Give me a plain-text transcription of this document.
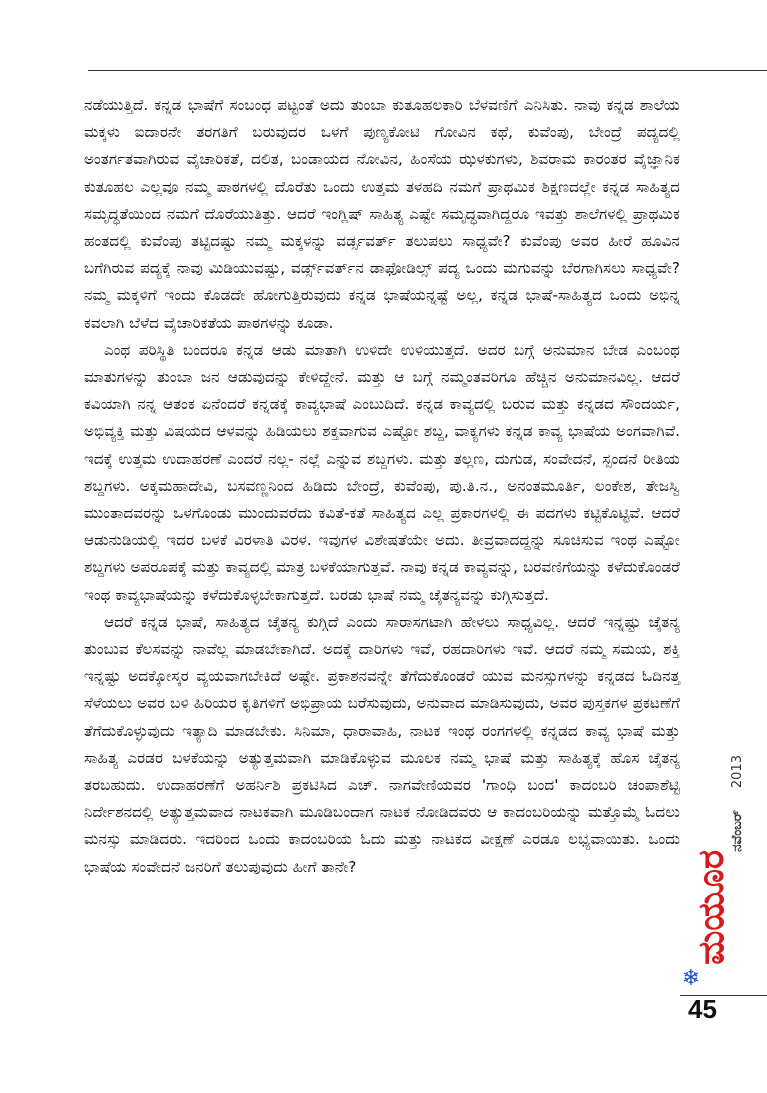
ನಡೆಯುತ್ತಿದೆ. ಕನ್ನಡ ಭಾಷೆಗೆ ಸಂಬಂಧ ಪಟ್ಟಂತೆ ಅದು ತುಂಬಾ ಕುತೂಹಲಕಾರಿ ಬೆಳವಣಿಗೆ ಎನಿಸಿತು. ನಾವು ಕನ್ನಡ ಶಾಲೆಯ ಮಕ್ಕಳು ಐದಾರನೇ ತರಗತಿಗೆ ಬರುವುದರ ಒಳಗೆ ಪುಣ್ಯಕೋಟಿ ಗೋವಿನ ಕಥೆ, ಕುವೆಂಪು, ಬೇಂದ್ರೆ ಪದ್ಯದಲ್ಲಿ ಅಂತರ್ಗತವಾಗಿರುವ ವೈಚಾರಿಕತೆ, ದಲಿತ, ಬಂಡಾಯದ ನೋವಿನ, ಹಿಂಸೆಯ ಝಳಕುಗಳು, ಶಿವರಾಮ ಕಾರಂತರ ವೈಜ್ಞಾನಿಕ ಕುತೂಹಲ ಎಲ್ಲವೂ ನಮ್ಮ ಪಾಠಗಳಲ್ಲಿ ದೊರೆತು ಒಂದು ಉತ್ತಮ ತಳಹದಿ ನಮಗೆ ಪ್ರಾಥಮಿಕ ಶಿಕ್ಷಣದಲ್ಲೇ ಕನ್ನಡ ಸಾಹಿತ್ಯದ ಸಮೃದ್ಧತೆಯಿಂದ ನಮಗೆ ದೊರೆಯುತಿತ್ತು. ಆದರೆ ಇಂಗ್ಲಿಷ್ ಸಾಹಿತ್ಯ ಎಷ್ಟೇ ಸಮೃದ್ಧವಾಗಿದ್ದರೂ ಇವತ್ತು ಶಾಲೆಗಳಲ್ಲಿ ಪ್ರಾಥಮಿಕ ಹಂತದಲ್ಲಿ ಕುವೆಂಪು ತಟ್ಟಿದಷ್ಟು ನಮ್ಮ ಮಕ್ಕಳನ್ನು ವರ್ಡ್ಸವರ್ತ್ ತಲುಪಲು ಸಾಧ್ಯವೇ? ಕುವೆಂಪು ಅವರ ಹೀರೆ ಹೂವಿನ ಬಗೆಗಿರುವ ಪದ್ಯಕ್ಕೆ ನಾವು ಮಿಡಿಯುವಷ್ಟು, ವರ್ಡ್ಸ್‌ವರ್ತ್‌ನ ಡಾಫೋಡಿಲ್ಸ್ ಪದ್ಯ ಒಂದು ಮಗುವನ್ನು ಬೆರಗಾಗಿಸಲು ಸಾಧ್ಯವೇ? ನಮ್ಮ ಮಕ್ಕಳಿಗೆ ಇಂದು ಕೊಡದೇ ಹೋಗುತ್ತಿರುವುದು ಕನ್ನಡ ಭಾಷೆಯನ್ನಷ್ಟೆ ಅಲ್ಲ, ಕನ್ನಡ ಭಾಷೆ-ಸಾಹಿತ್ಯದ ಒಂದು ಅಭಿನ್ನ ಕವಲಾಗಿ ಬೆಳೆದ ವೈಚಾರಿಕತೆಯ ಪಾಠಗಳನ್ನು ಕೂಡಾ.

ಎಂಥ ಪರಿಸ್ಥಿತಿ ಬಂದರೂ ಕನ್ನಡ ಆಡು ಮಾತಾಗಿ ಉಳಿದೇ ಉಳಿಯುತ್ತದೆ. ಅದರ ಬಗ್ಗೆ ಅನುಮಾನ ಬೇಡ ಎಂಬಂಥ ಮಾತುಗಳನ್ನು ತುಂಬಾ ಜನ ಆಡುವುದನ್ನು ಕೇಳಿದ್ದೇನೆ. ಮತ್ತು ಆ ಬಗ್ಗೆ ನಮ್ಮಂತವರಿಗೂ ಹೆಚ್ಚಿನ ಅನುಮಾನವಿಲ್ಲ. ಆದರೆ ಕವಿಯಾಗಿ ನನ್ನ ಆತಂಕ ಏನೆಂದರೆ ಕನ್ನಡಕ್ಕೆ ಕಾವ್ಯಭಾಷೆ ಎಂಬುದಿದೆ. ಕನ್ನಡ ಕಾವ್ಯದಲ್ಲಿ ಬರುವ ಮತ್ತು ಕನ್ನಡದ ಸೌಂದರ್ಯ, ಅಭಿವ್ಯಕ್ತಿ ಮತ್ತು ವಿಷಯದ ಆಳವನ್ನು ಹಿಡಿಯಲು ಶಕ್ತವಾಗುವ ಎಷ್ಟೋ ಶಬ್ದ, ವಾಕ್ಯಗಳು ಕನ್ನಡ ಕಾವ್ಯ ಭಾಷೆಯ ಅಂಗವಾಗಿವೆ. ಇದಕ್ಕೆ ಉತ್ತಮ ಉದಾಹರಣೆ ಎಂದರೆ ನಲ್ಲ- ನಲ್ಲೆ ಎನ್ನುವ ಶಬ್ದಗಳು. ಮತ್ತು ತಲ್ಲಣ, ದುಗುಡ, ಸಂವೇದನೆ, ಸ್ಪಂದನೆ ರೀತಿಯ ಶಬ್ದಗಳು. ಅಕ್ಕಮಹಾದೇವಿ, ಬಸವಣ್ಣನಿಂದ ಹಿಡಿದು ಬೇಂದ್ರೆ, ಕುವೆಂಪು, ಪು.ತಿ.ನ., ಅನಂತಮೂರ್ತಿ, ಲಂಕೇಶ, ತೇಜಸ್ವಿ ಮುಂತಾದವರನ್ನು ಒಳಗೊಂಡು ಮುಂದುವರೆದು ಕವಿತೆ-ಕತೆ ಸಾಹಿತ್ಯದ ಎಲ್ಲ ಪ್ರಕಾರಗಳಲ್ಲಿ ಈ ಪದಗಳು ಕಟ್ಟಿಕೊಟ್ಟಿವೆ. ಆದರೆ ಆಡುನುಡಿಯಲ್ಲಿ ಇದರ ಬಳಕೆ ವಿರಳಾತಿ ವಿರಳ. ಇವುಗಳ ವಿಶೇಷತೆಯೇ ಅದು. ತೀವ್ರವಾದದ್ದನ್ನು ಸೂಚಿಸುವ ಇಂಥ ಎಷ್ಟೋ ಶಬ್ದಗಳು ಅಪರೂಪಕ್ಕೆ ಮತ್ತು ಕಾವ್ಯದಲ್ಲಿ ಮಾತ್ರ ಬಳಕೆಯಾಗುತ್ತವೆ. ನಾವು ಕನ್ನಡ ಕಾವ್ಯವನ್ನು, ಬರವಣಿಗೆಯನ್ನು ಕಳೆದುಕೊಂಡರೆ ಇಂಥ ಕಾವ್ಯಭಾಷೆಯನ್ನು ಕಳೆದುಕೊಳ್ಳಬೇಕಾಗುತ್ತದೆ. ಬರಡು ಭಾಷೆ ನಮ್ಮ ಚೈತನ್ಯವನ್ನು ಕುಗ್ಗಿಸುತ್ತದೆ.

ಆದರೆ ಕನ್ನಡ ಭಾಷೆ, ಸಾಹಿತ್ಯದ ಚೈತನ್ಯ ಕುಗ್ಗಿದೆ ಎಂದು ಸಾರಾಸಗಟಾಗಿ ಹೇಳಲು ಸಾಧ್ಯವಿಲ್ಲ. ಆದರೆ ಇನ್ನಷ್ಟು ಚೈತನ್ಯ ತುಂಬುವ ಕೆಲಸವನ್ನು ನಾವೆಲ್ಲ ಮಾಡಬೇಕಾಗಿದೆ. ಅದಕ್ಕೆ ದಾರಿಗಳು ಇವೆ, ರಹದಾರಿಗಳು ಇವೆ. ಆದರೆ ನಮ್ಮ ಸಮಯ, ಶಕ್ತಿ ಇನ್ನಷ್ಟು ಅದಕ್ಕೋಸ್ಕರ ವ್ಯಯವಾಗಬೇಕಿದೆ ಅಷ್ಟೇ. ಪ್ರಕಾಶನವನ್ನೇ ತೆಗೆದುಕೊಂಡರೆ ಯುವ ಮನಸ್ಸುಗಳನ್ನು ಕನ್ನಡದ ಓದಿನತ್ತ ಸೆಳೆಯಲು ಅವರ ಬಳಿ ಹಿರಿಯರ ಕೃತಿಗಳಿಗೆ ಅಭಿಪ್ರಾಯ ಬರೆಸುವುದು, ಅನುವಾದ ಮಾಡಿಸುವುದು, ಅವರ ಪುಸ್ತಕಗಳ ಪ್ರಕಟಣೆಗೆ ತೆಗೆದುಕೊಳ್ಳುವುದು ಇತ್ಯಾದಿ ಮಾಡಬೇಕು. ಸಿನಿಮಾ, ಧಾರಾವಾಹಿ, ನಾಟಕ ಇಂಥ ರಂಗಗಳಲ್ಲಿ ಕನ್ನಡದ ಕಾವ್ಯ ಭಾಷೆ ಮತ್ತು ಸಾಹಿತ್ಯ ಎರಡರ ಬಳಕೆಯನ್ನು ಅತ್ಯುತ್ತಮವಾಗಿ ಮಾಡಿಕೊಳ್ಳುವ ಮೂಲಕ ನಮ್ಮ ಭಾಷೆ ಮತ್ತು ಸಾಹಿತ್ಯಕ್ಕೆ ಹೊಸ ಚೈತನ್ಯ ತರಬಹುದು. ಉದಾಹರಣೆಗೆ ಅಹರ್ನಿಶಿ ಪ್ರಕಟಿಸಿದ ಎಚ್. ನಾಗವೇಣಿಯವರ 'ಗಾಂಧಿ ಬಂದ' ಕಾದಂಬರಿ ಚಂಪಾಶೆಟ್ಟಿ ನಿರ್ದೇಶನದಲ್ಲಿ ಅತ್ಯುತ್ತಮವಾದ ನಾಟಕವಾಗಿ ಮೂಡಿಬಂದಾಗ ನಾಟಕ ನೋಡಿದವರು ಆ ಕಾದಂಬರಿಯನ್ನು ಮತ್ತೊಮ್ಮೆ ಓದಲು ಮನಸ್ಸು ಮಾಡಿದರು. ಇದರಿಂದ ಒಂದು ಕಾದಂಬರಿಯ ಓದು ಮತ್ತು ನಾಟಕದ ವೀಕ್ಷಣೆ ಎರಡೂ ಲಭ್ಯವಾಯಿತು. ಒಂದು ಭಾಷೆಯ ಸಂವೇದನೆ ಜನರಿಗೆ ತಲುಪುವುದು ಹೀಗೆ ತಾನೇ?

2013
ನವೆಂಬರ್
ಮಯೂರ
❄
45
